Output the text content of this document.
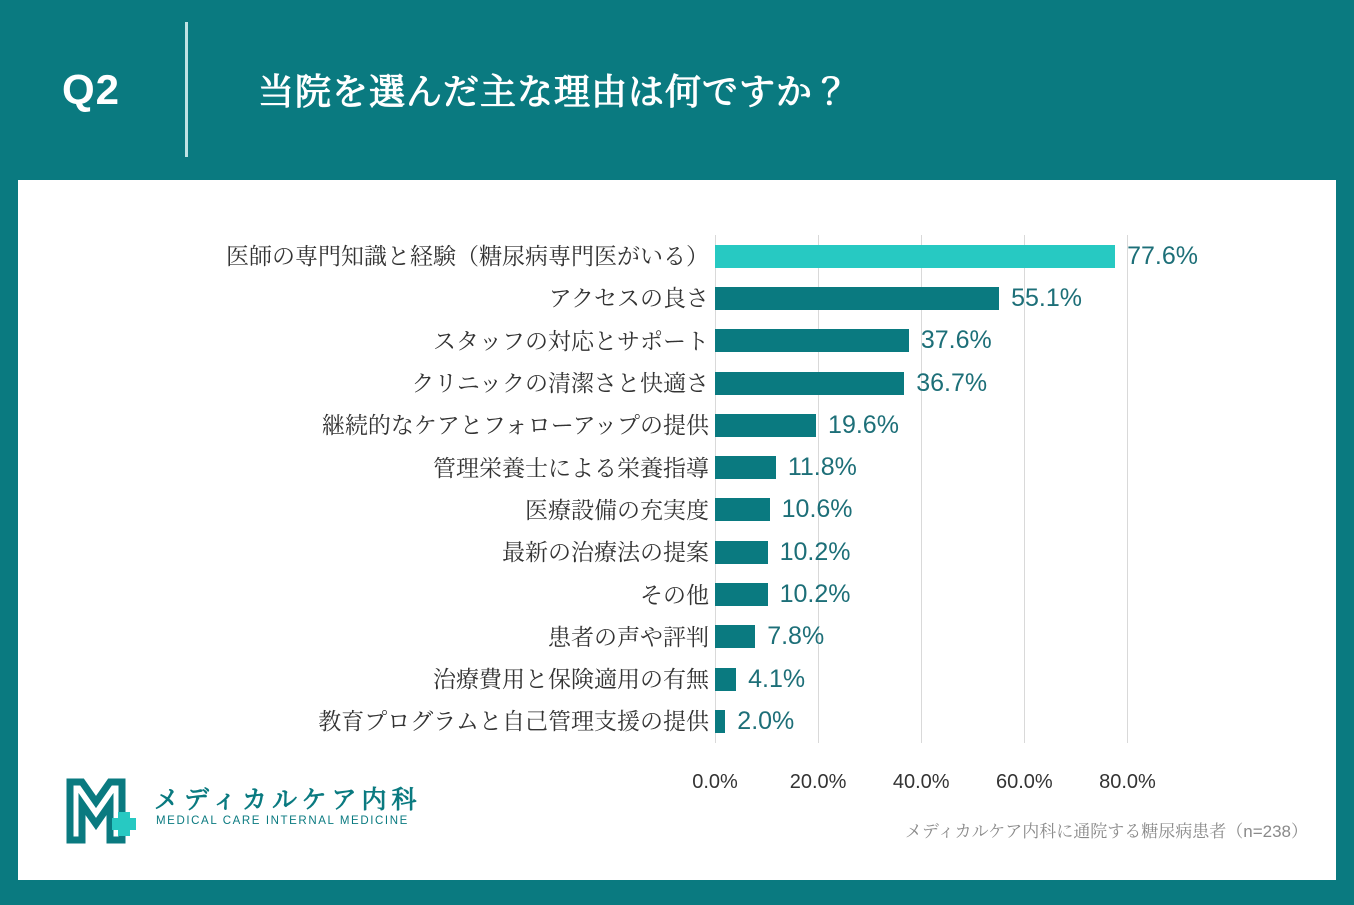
Q2	当院を選んだ主な理由は何ですか？
医師の専門知識と経験（糖尿病専門医がいる）	77.6%
アクセスの良さ	55.1%
スタッフの対応とサポート	37.6%
クリニックの清潔さと快適さ	36.7%
継続的なケアとフォローアップの提供	19.6%
管理栄養士による栄養指導	11.8%
医療設備の充実度	10.6%
最新の治療法の提案	10.2%
その他	10.2%
患者の声や評判 7.8%
治療費用と保険適用の有無 4.1%
教育プログラムと自己管理支援の提供 2.0%
0.0%	20.0% 40.0% 60.0% 80.0%
メディカルケア内科
MEDICAL CARE INTERNAL MEDICINE
メディカルケア内科に通院する糖尿病患者（n=238）
